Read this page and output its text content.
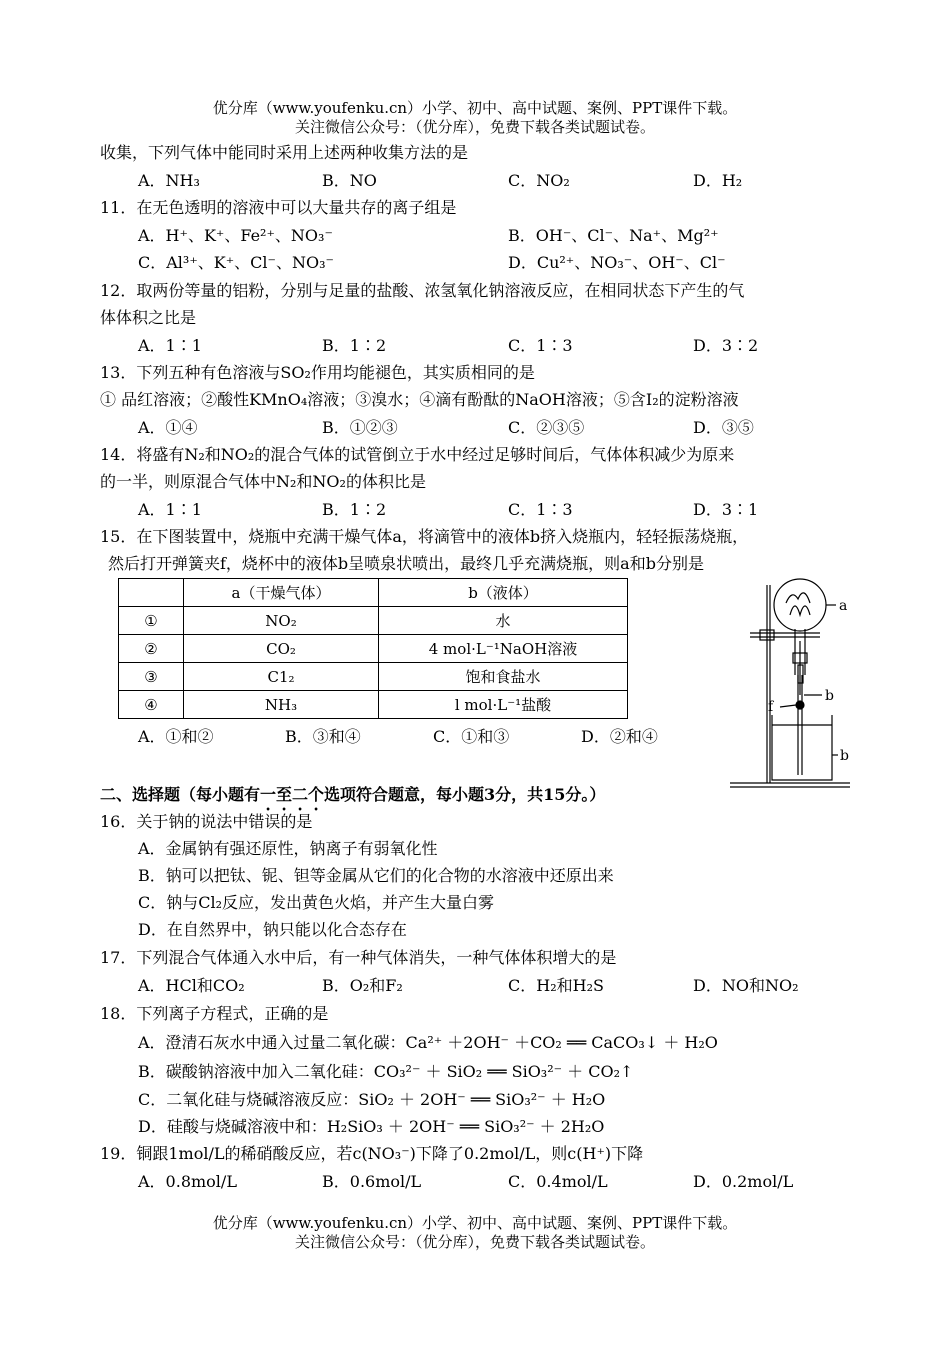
优分库（www.youfenku.cn）小学、初中、高中试题、案例、PPT课件下载。
关注微信公众号：（优分库），免费下载各类试题试卷。
收集，下列气体中能同时采用上述两种收集方法的是
A．NH₃	B．NO	C．NO₂	D．H₂
11．在无色透明的溶液中可以大量共存的离子组是
A．H⁺、K⁺、Fe²⁺、NO₃⁻	B．OH⁻、Cl⁻、Na⁺、Mg²⁺
C．Al³⁺、K⁺、Cl⁻、NO₃⁻	D．Cu²⁺、NO₃⁻、OH⁻、Cl⁻
12．取两份等量的铝粉，分别与足量的盐酸、浓氢氧化钠溶液反应，在相同状态下产生的气
体体积之比是
A．1∶1	B．1∶2	C．1∶3	D．3∶2
13．下列五种有色溶液与SO₂作用均能褪色，其实质相同的是
① 品红溶液；②酸性KMnO₄溶液；③溴水；④滴有酚酞的NaOH溶液；⑤含I₂的淀粉溶液
A．①④	B．①②③	C．②③⑤	D．③⑤
14．将盛有N₂和NO₂的混合气体的试管倒立于水中经过足够时间后，气体体积减少为原来
的一半，则原混合气体中N₂和NO₂的体积比是
A．1∶1	B．1∶2	C．1∶3	D．3∶1
15．在下图装置中，烧瓶中充满干燥气体a，将滴管中的液体b挤入烧瓶内，轻轻振荡烧瓶，
然后打开弹簧夹f，烧杯中的液体b呈喷泉状喷出，最终几乎充满烧瓶，则a和b分别是
	a（干燥气体）	b（液体）
①	NO₂	水
②	CO₂	4 mol·L⁻¹NaOH溶液
③	C1₂	饱和食盐水
④	NH₃	l mol·L⁻¹盐酸
A．①和②	B．③和④	C．①和③	D．②和④
a
b
f
b
二、选择题（每小题有一至二个选项符合题意，每小题3分，共15分。）
16．关于钠的说法中错误的是
A．金属钠有强还原性，钠离子有弱氧化性
B．钠可以把钛、铌、钽等金属从它们的化合物的水溶液中还原出来
C．钠与Cl₂反应，发出黄色火焰，并产生大量白雾
D．在自然界中，钠只能以化合态存在
17．下列混合气体通入水中后，有一种气体消失，一种气体体积增大的是
A．HCl和CO₂	B．O₂和F₂	C．H₂和H₂S	D．NO和NO₂
18．下列离子方程式，正确的是
A．澄清石灰水中通入过量二氧化碳：Ca²⁺ ＋2OH⁻ ＋CO₂ ══ CaCO₃↓ ＋ H₂O
B．碳酸钠溶液中加入二氧化硅：CO₃²⁻ ＋ SiO₂ ══ SiO₃²⁻ ＋ CO₂↑
C．二氧化硅与烧碱溶液反应：SiO₂ ＋ 2OH⁻ ══ SiO₃²⁻ ＋ H₂O
D．硅酸与烧碱溶液中和：H₂SiO₃ ＋ 2OH⁻ ══ SiO₃²⁻ ＋ 2H₂O
19．铜跟1mol/L的稀硝酸反应，若c(NO₃⁻)下降了0.2mol/L，则c(H⁺)下降
A．0.8mol/L	B．0.6mol/L	C．0.4mol/L	D．0.2mol/L
优分库（www.youfenku.cn）小学、初中、高中试题、案例、PPT课件下载。
关注微信公众号：（优分库），免费下载各类试题试卷。
